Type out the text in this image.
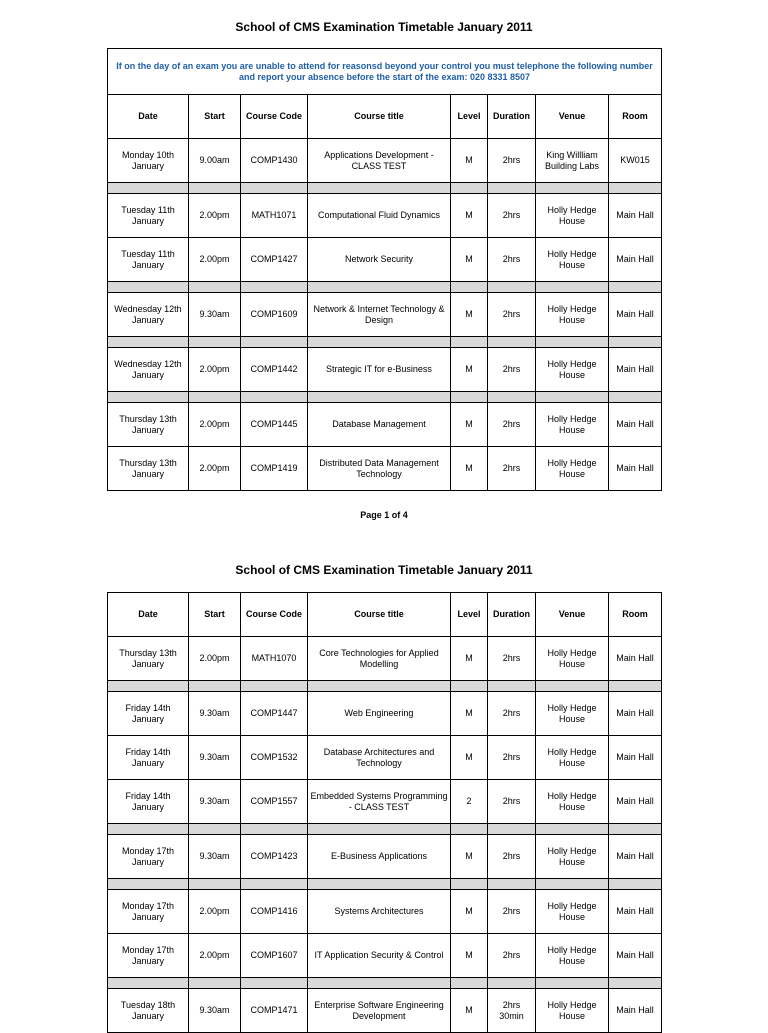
School of CMS Examination Timetable January 2011
If on the day of an exam you are unable to attend for reasonsd beyond your control you must telephone the following number and report your absence before the start of the exam: 020 8331 8507							
Date	Start	Course Code	Course title	Level	Duration	Venue	Room
Monday 10th January	9.00am	COMP1430	Applications Development - CLASS TEST	M	2hrs	King Willliam Building Labs	KW015

Tuesday 11th January	2.00pm	MATH1071	Computational Fluid Dynamics	M	2hrs	Holly Hedge House	Main Hall
Tuesday 11th January	2.00pm	COMP1427	Network Security	M	2hrs	Holly Hedge House	Main Hall

Wednesday 12th January	9.30am	COMP1609	Network & Internet Technology & Design	M	2hrs	Holly Hedge House	Main Hall

Wednesday 12th January	2.00pm	COMP1442	Strategic IT for e-Business	M	2hrs	Holly Hedge House	Main Hall

Thursday 13th January	2.00pm	COMP1445	Database Management	M	2hrs	Holly Hedge House	Main Hall
Thursday 13th January	2.00pm	COMP1419	Distributed Data Management Technology	M	2hrs	Holly Hedge House	Main Hall
Page 1 of 4
School of CMS Examination Timetable January 2011
Date	Start	Course Code	Course title	Level	Duration	Venue	Room
Thursday 13th January	2.00pm	MATH1070	Core Technologies for Applied Modelling	M	2hrs	Holly Hedge House	Main Hall

Friday 14th January	9.30am	COMP1447	Web Engineering	M	2hrs	Holly Hedge House	Main Hall
Friday 14th January	9.30am	COMP1532	Database Architectures and Technology	M	2hrs	Holly Hedge House	Main Hall
Friday 14th January	9.30am	COMP1557	Embedded Systems Programming - CLASS TEST	2	2hrs	Holly Hedge House	Main Hall

Monday 17th January	9.30am	COMP1423	E-Business Applications	M	2hrs	Holly Hedge House	Main Hall

Monday 17th January	2.00pm	COMP1416	Systems Architectures	M	2hrs	Holly Hedge House	Main Hall
Monday 17th January	2.00pm	COMP1607	IT Application Security & Control	M	2hrs	Holly Hedge House	Main Hall

Tuesday 18th January	9.30am	COMP1471	Enterprise Software Engineering Development	M	2hrs 30min	Holly Hedge House	Main Hall
